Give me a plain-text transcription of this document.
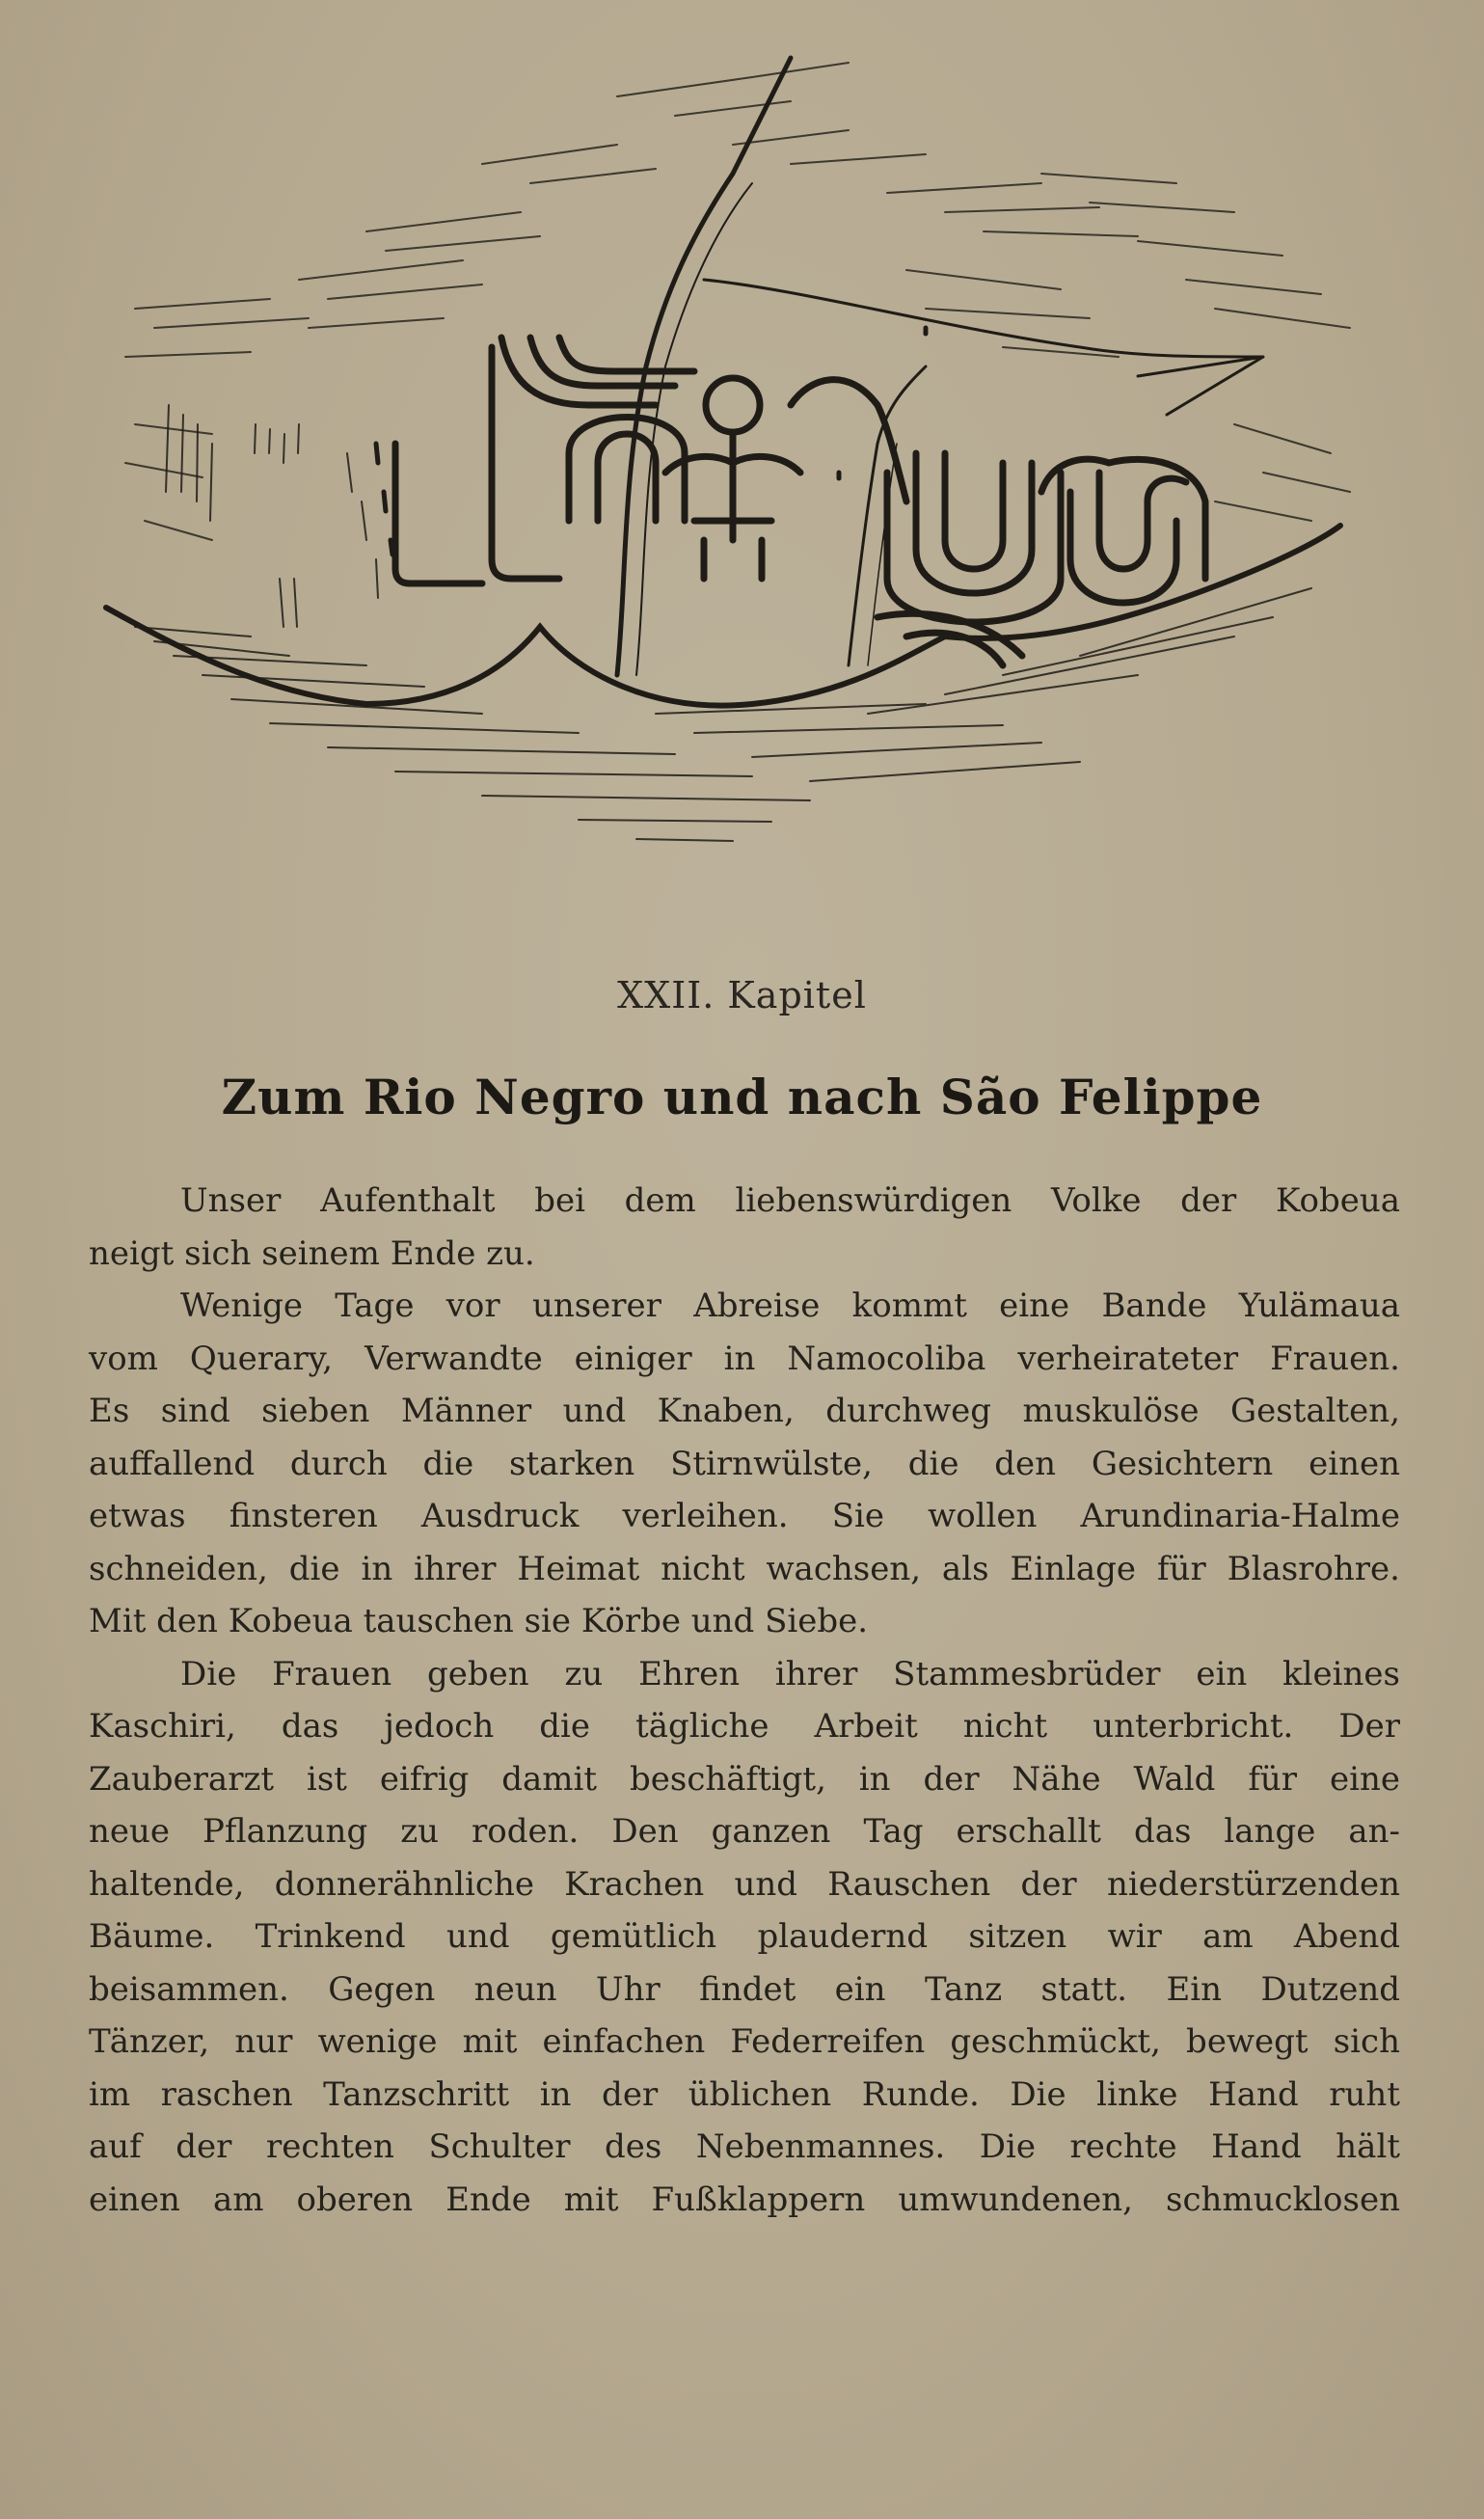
XXII. Kapitel
Zum Rio Negro und nach São Felippe
Unser Aufenthalt bei dem liebenswürdigen Volke der Kobeua
neigt sich seinem Ende zu.
Wenige Tage vor unserer Abreise kommt eine Bande Yulämaua
vom Querary, Verwandte einiger in Namocoliba verheirateter Frauen.
Es sind sieben Männer und Knaben, durchweg muskulöse Gestalten,
auffallend durch die starken Stirnwülste, die den Gesichtern einen
etwas finsteren Ausdruck verleihen. Sie wollen Arundinaria-Halme
schneiden, die in ihrer Heimat nicht wachsen, als Einlage für Blasrohre.
Mit den Kobeua tauschen sie Körbe und Siebe.
Die Frauen geben zu Ehren ihrer Stammesbrüder ein kleines
Kaschiri, das jedoch die tägliche Arbeit nicht unterbricht. Der
Zauberarzt ist eifrig damit beschäftigt, in der Nähe Wald für eine
neue Pflanzung zu roden. Den ganzen Tag erschallt das lange an-
haltende, donnerähnliche Krachen und Rauschen der niederstürzenden
Bäume. Trinkend und gemütlich plaudernd sitzen wir am Abend
beisammen. Gegen neun Uhr findet ein Tanz statt. Ein Dutzend
Tänzer, nur wenige mit einfachen Federreifen geschmückt, bewegt sich
im raschen Tanzschritt in der üblichen Runde. Die linke Hand ruht
auf der rechten Schulter des Nebenmannes. Die rechte Hand hält
einen am oberen Ende mit Fußklappern umwundenen, schmucklosen
